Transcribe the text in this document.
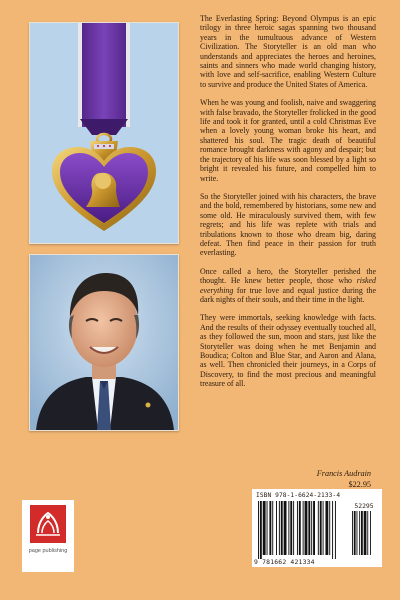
The Everlasting Spring: Beyond Olympus is an epic trilogy in three heroic sagas spanning two thousand years in the tumultuous advance of Western Civilization. The Storyteller is an old man who understands and appreciates the heroes and heroines, saints and sinners who made world changing history, with love and self-sacrifice, enabling Western Culture to survive and produce the United States of America.

When he was young and foolish, naive and swaggering with false bravado, the Storyteller frolicked in the good life and took it for granted, until a cold Christmas Eve when a lovely young woman broke his heart, and shattered his soul. The tragic death of beautiful romance brought darkness with agony and despair; but the trajectory of his life was soon blessed by a light so bright it revealed his future, and compelled him to write.

So the Storyteller joined with his characters, the brave and the bold, remembered by historians, some new and some old. He miraculously survived them, with few regrets; and his life was replete with trials and tribulations known to those who dream big, daring defeat. Then find peace in their passion for truth everlasting.

Once called a hero, the Storyteller perished the thought. He knew better people, those who risked everything for true love and equal justice during the dark nights of their souls, and their time in the light.

They were immortals, seeking knowledge with facts. And the results of their odyssey eventually touched all, as they followed the sun, moon and stars, just like the Storyteller was doing when he met Benjamin and Boudica; Colton and Blue Star, and Aaron and Alana, as well. Then chronicled their journeys, in a Corps of Discovery, to find the most precious and meaningful treasure of all.

Francis Audrain
$22.95
ISBN 978-1-6624-2133-4
52295
9 781662 421334
page publishing
